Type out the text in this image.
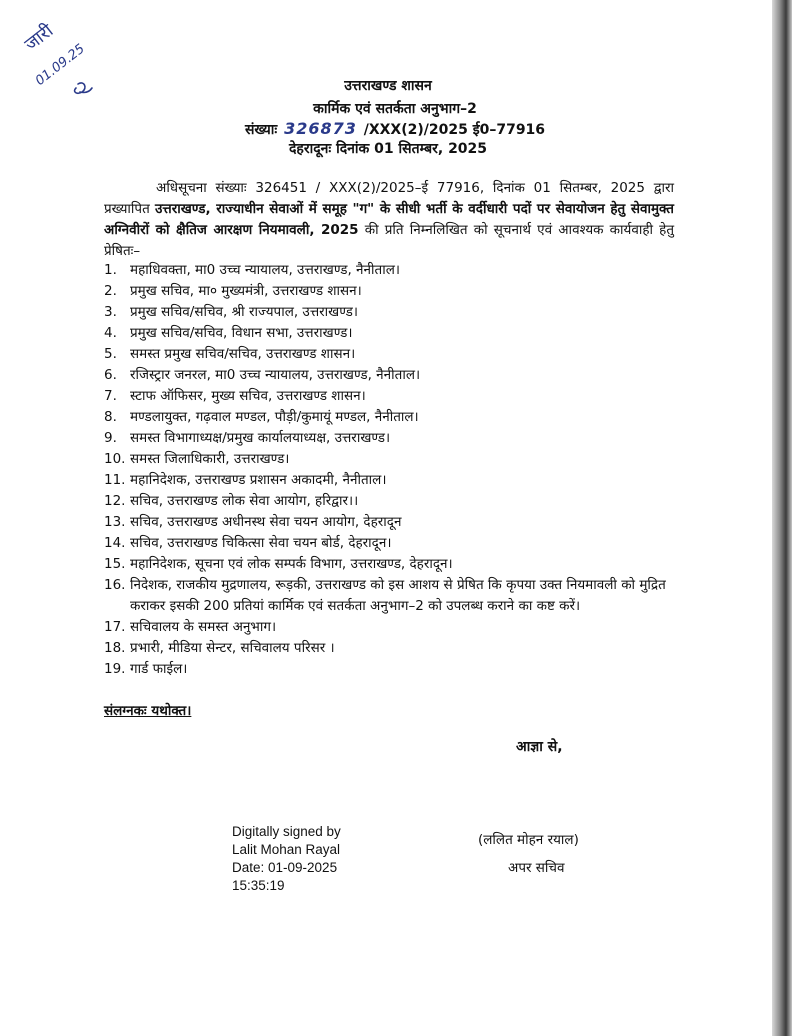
जारी
01.09.25	उत्तराखण्ड शासन
कार्मिक एवं सतर्कता अनुभाग–2
संख्याः 326873 /XXX(2)/2025 ई0–77916
देहरादूनः दिनांक 01 सितम्बर, 2025
अधिसूचना संख्याः 326451 / XXX(2)/2025–ई 77916, दिनांक 01 सितम्बर, 2025 द्वारा प्रख्यापित उत्तराखण्ड, राज्याधीन सेवाओं में समूह "ग" के सीधी भर्ती के वर्दीधारी पदों पर सेवायोजन हेतु सेवामुक्त अग्निवीरों को क्षैतिज आरक्षण नियमावली, 2025 की प्रति निम्नलिखित को सूचनार्थ एवं आवश्यक कार्यवाही हेतु प्रेषितः–
1. महाधिवक्ता, मा0 उच्च न्यायालय, उत्तराखण्ड, नैनीताल।
2. प्रमुख सचिव, मा० मुख्यमंत्री, उत्तराखण्ड शासन।
3. प्रमुख सचिव/सचिव, श्री राज्यपाल, उत्तराखण्ड।
4. प्रमुख सचिव/सचिव, विधान सभा, उत्तराखण्ड।
5. समस्त प्रमुख सचिव/सचिव, उत्तराखण्ड शासन।
6. रजिस्ट्रार जनरल, मा0 उच्च न्यायालय, उत्तराखण्ड, नैनीताल।
7. स्टाफ ऑफिसर, मुख्य सचिव, उत्तराखण्ड शासन।
8. मण्डलायुक्त, गढ़वाल मण्डल, पौड़ी/कुमायूं मण्डल, नैनीताल।
9. समस्त विभागाध्यक्ष/प्रमुख कार्यालयाध्यक्ष, उत्तराखण्ड।
10. समस्त जिलाधिकारी, उत्तराखण्ड।
11. महानिदेशक, उत्तराखण्ड प्रशासन अकादमी, नैनीताल।
12. सचिव, उत्तराखण्ड लोक सेवा आयोग, हरिद्वार।।
13. सचिव, उत्तराखण्ड अधीनस्थ सेवा चयन आयोग, देहरादून
14. सचिव, उत्तराखण्ड चिकित्सा सेवा चयन बोर्ड, देहरादून।
15. महानिदेशक, सूचना एवं लोक सम्पर्क विभाग, उत्तराखण्ड, देहरादून।
16. निदेशक, राजकीय मुद्रणालय, रूड़की, उत्तराखण्ड को इस आशय से प्रेषित कि कृपया उक्त नियमावली को मुद्रित कराकर इसकी 200 प्रतियां कार्मिक एवं सतर्कता अनुभाग–2 को उपलब्ध कराने का कष्ट करें।
17. सचिवालय के समस्त अनुभाग।
18. प्रभारी, मीडिया सेन्टर, सचिवालय परिसर ।
19. गार्ड फाईल।
संलग्नकः यथोक्त।
आज्ञा से,
Digitally signed by
Lalit Mohan Rayal
Date: 01-09-2025
15:35:19
(ललित मोहन रयाल)
अपर सचिव
